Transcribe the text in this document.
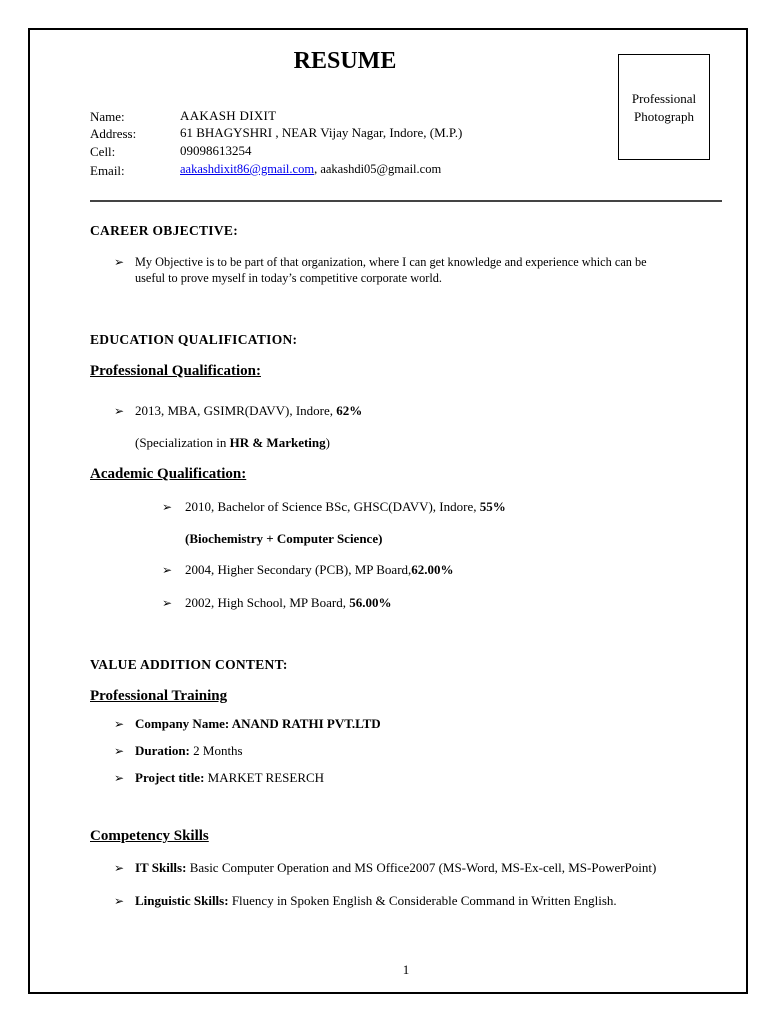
RESUME
Professional
Photograph
Name:	AAKASH DIXIT
Address:	61 BHAGYSHRI , NEAR Vijay Nagar, Indore, (M.P.)
Cell:	09098613254
Email:	aakashdixit86@gmail.com, aakashdi05@gmail.com
CAREER OBJECTIVE:
➢ My Objective is to be part of that organization, where I can get knowledge and experience which can be
useful to prove myself in today’s competitive corporate world.
EDUCATION QUALIFICATION:
Professional Qualification:
➢ 2013, MBA, GSIMR(DAVV), Indore, 62%
(Specialization in HR & Marketing)
Academic Qualification:
➢ 2010, Bachelor of Science BSc, GHSC(DAVV), Indore, 55%
(Biochemistry + Computer Science)
➢ 2004, Higher Secondary (PCB), MP Board,62.00%
➢ 2002, High School, MP Board, 56.00%
VALUE ADDITION CONTENT:
Professional Training
➢ Company Name: ANAND RATHI PVT.LTD
➢ Duration: 2 Months
➢ Project title: MARKET RESERCH
Competency Skills
➢ IT Skills: Basic Computer Operation and MS Office2007 (MS-Word, MS-Ex-cell, MS-PowerPoint)
➢ Linguistic Skills: Fluency in Spoken English & Considerable Command in Written English.
1
